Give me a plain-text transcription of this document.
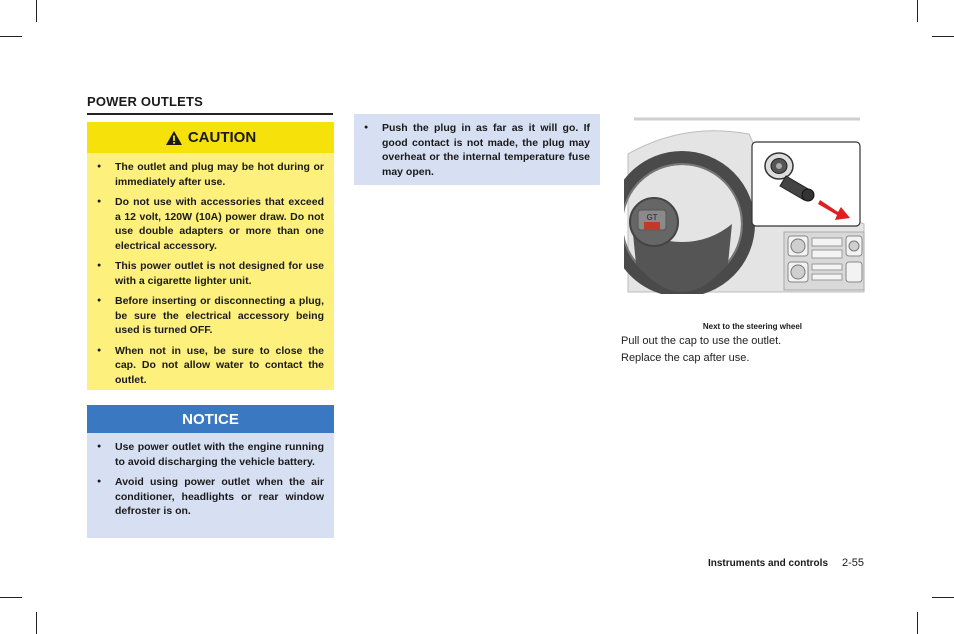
POWER OUTLETS
CAUTION
● The outlet and plug may be hot during or immediately after use.
● Do not use with accessories that exceed a 12 volt, 120W (10A) power draw. Do not use double adapters or more than one electrical accessory.
● This power outlet is not designed for use with a cigarette lighter unit.
● Before inserting or disconnecting a plug, be sure the electrical accessory being used is turned OFF.
● When not in use, be sure to close the cap. Do not allow water to contact the outlet.
NOTICE
● Use power outlet with the engine running to avoid discharging the vehicle battery.
● Avoid using power outlet when the air conditioner, headlights or rear window defroster is on.
● Push the plug in as far as it will go. If good contact is not made, the plug may overheat or the internal temperature fuse may open.
GT
Next to the steering wheel
Pull out the cap to use the outlet.
Replace the cap after use.
Instruments and controls 2-55
